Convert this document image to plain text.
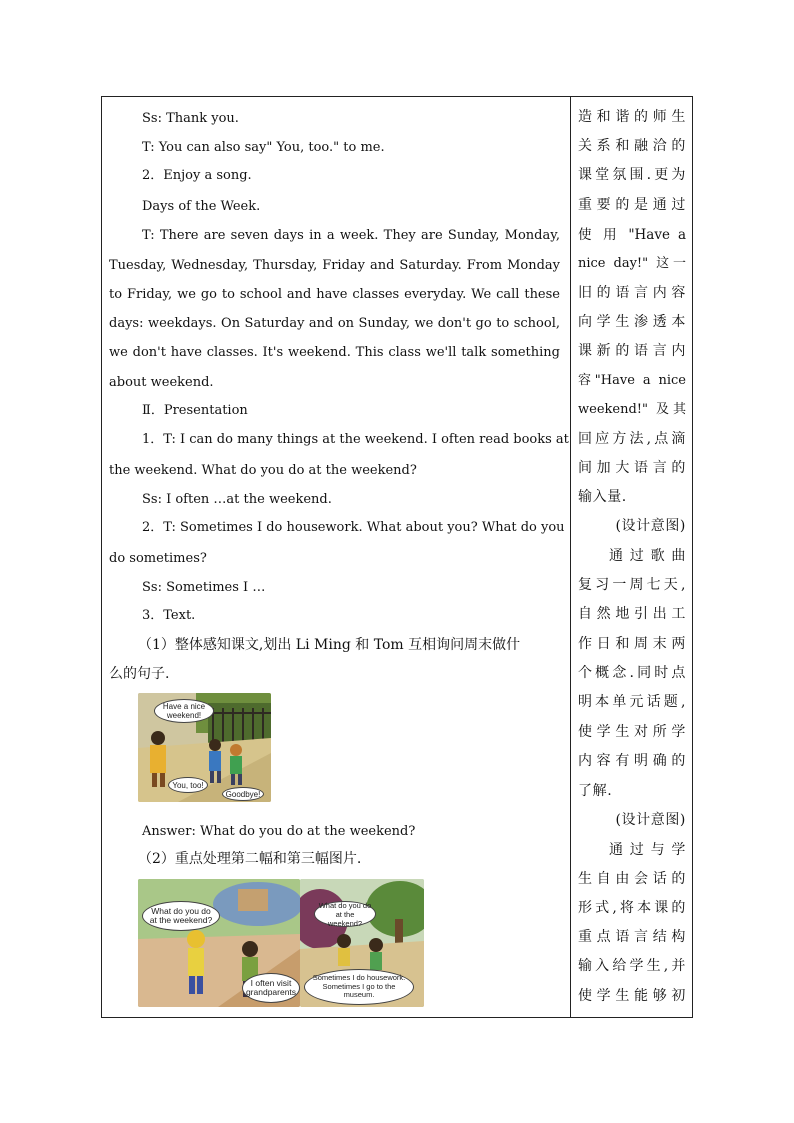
Ss: Thank you.
T: You can also say" You, too." to me.
2．Enjoy a song.
Days of the Week.
T: There are seven days in a week. They are Sunday, Monday,
Tuesday, Wednesday, Thursday, Friday and Saturday. From Monday
to Friday, we go to school and have classes everyday. We call these
days: weekdays. On Saturday and on Sunday, we don't go to school,
we don't have classes. It's weekend. This class we'll talk something
about weekend.
Ⅱ．Presentation
1．T: I can do many things at the weekend. I often read books at
the weekend. What do you do at the weekend?
Ss: I often …at the weekend.
2．T: Sometimes I do housework. What about you? What do you
do sometimes?
Ss: Sometimes I …
3．Text.
（1）整体感知课文,划出 Li Ming 和 Tom 互相询问周末做什
么的句子.
Have a nice
weekend!
You, too!
Goodbye!
Answer: What do you do at the weekend?
（2）重点处理第二幅和第三幅图片.
What do you do
at the weekend?
I often visit
grandparents
What do you do
at the weekend?
Sometimes I do housework.
Sometimes I go to the
museum.
造和谐的师生
关系和融洽的
课堂氛围.更为
重要的是通过
使 用 "Have a
nice day!" 这一
旧的语言内容
向学生渗透本
课新的语言内
容"Have a nice
weekend!" 及其
回应方法,点滴
间加大语言的
输入量.
(设计意图)
通过歌曲
复习一周七天,
自然地引出工
作日和周末两
个概念.同时点
明本单元话题,
使学生对所学
内容有明确的
了解.
(设计意图)
通过与学
生自由会话的
形式,将本课的
重点语言结构
输入给学生,并
使学生能够初
